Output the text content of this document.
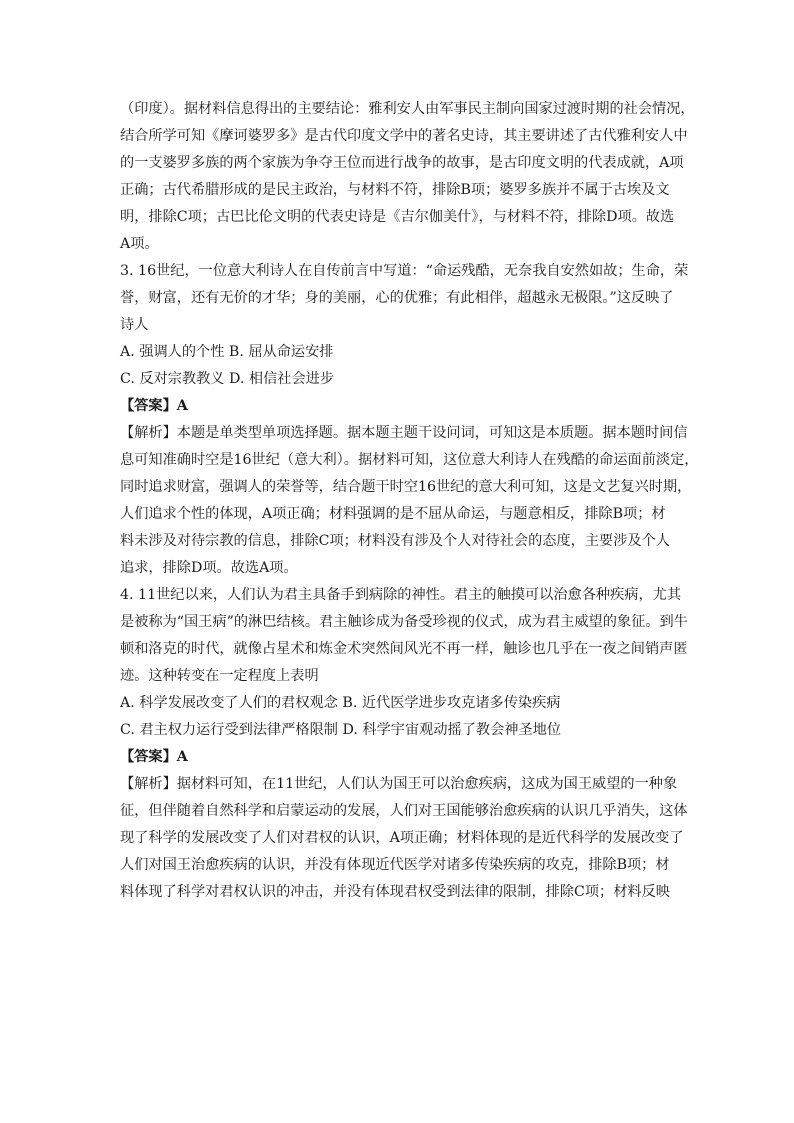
（印度）。据材料信息得出的主要结论：雅利安人由军事民主制向国家过渡时期的社会情况，
结合所学可知《摩诃婆罗多》是古代印度文学中的著名史诗，其主要讲述了古代雅利安人中
的一支婆罗多族的两个家族为争夺王位而进行战争的故事，是古印度文明的代表成就，A项
正确；古代希腊形成的是民主政治，与材料不符，排除B项；婆罗多族并不属于古埃及文
明，排除C项；古巴比伦文明的代表史诗是《吉尔伽美什》，与材料不符，排除D项。故选
A项。
3. 16世纪，一位意大利诗人在自传前言中写道：“命运残酷，无奈我自安然如故；生命，荣
誉，财富，还有无价的才华；身的美丽，心的优雅；有此相伴，超越永无极限。”这反映了
诗人
A. 强调人的个性 B. 屈从命运安排
C. 反对宗教教义 D. 相信社会进步
【答案】A
【解析】本题是单类型单项选择题。据本题主题干设问词，可知这是本质题。据本题时间信
息可知准确时空是16世纪（意大利）。据材料可知，这位意大利诗人在残酷的命运面前淡定，
同时追求财富，强调人的荣誉等，结合题干时空16世纪的意大利可知，这是文艺复兴时期，
人们追求个性的体现，A项正确；材料强调的是不屈从命运，与题意相反，排除B项；材
料未涉及对待宗教的信息，排除C项；材料没有涉及个人对待社会的态度，主要涉及个人
追求，排除D项。故选A项。
4. 11世纪以来，人们认为君主具备手到病除的神性。君主的触摸可以治愈各种疾病，尤其
是被称为“国王病”的淋巴结核。君主触诊成为备受珍视的仪式，成为君主威望的象征。到牛
顿和洛克的时代，就像占星术和炼金术突然间风光不再一样，触诊也几乎在一夜之间销声匿
迹。这种转变在一定程度上表明
A. 科学发展改变了人们的君权观念 B. 近代医学进步攻克诸多传染疾病
C. 君主权力运行受到法律严格限制 D. 科学宇宙观动摇了教会神圣地位
【答案】A
【解析】据材料可知，在11世纪，人们认为国王可以治愈疾病，这成为国王威望的一种象
征，但伴随着自然科学和启蒙运动的发展，人们对王国能够治愈疾病的认识几乎消失，这体
现了科学的发展改变了人们对君权的认识，A项正确；材料体现的是近代科学的发展改变了
人们对国王治愈疾病的认识，并没有体现近代医学对诸多传染疾病的攻克，排除B项；材
料体现了科学对君权认识的冲击，并没有体现君权受到法律的限制，排除C项；材料反映
